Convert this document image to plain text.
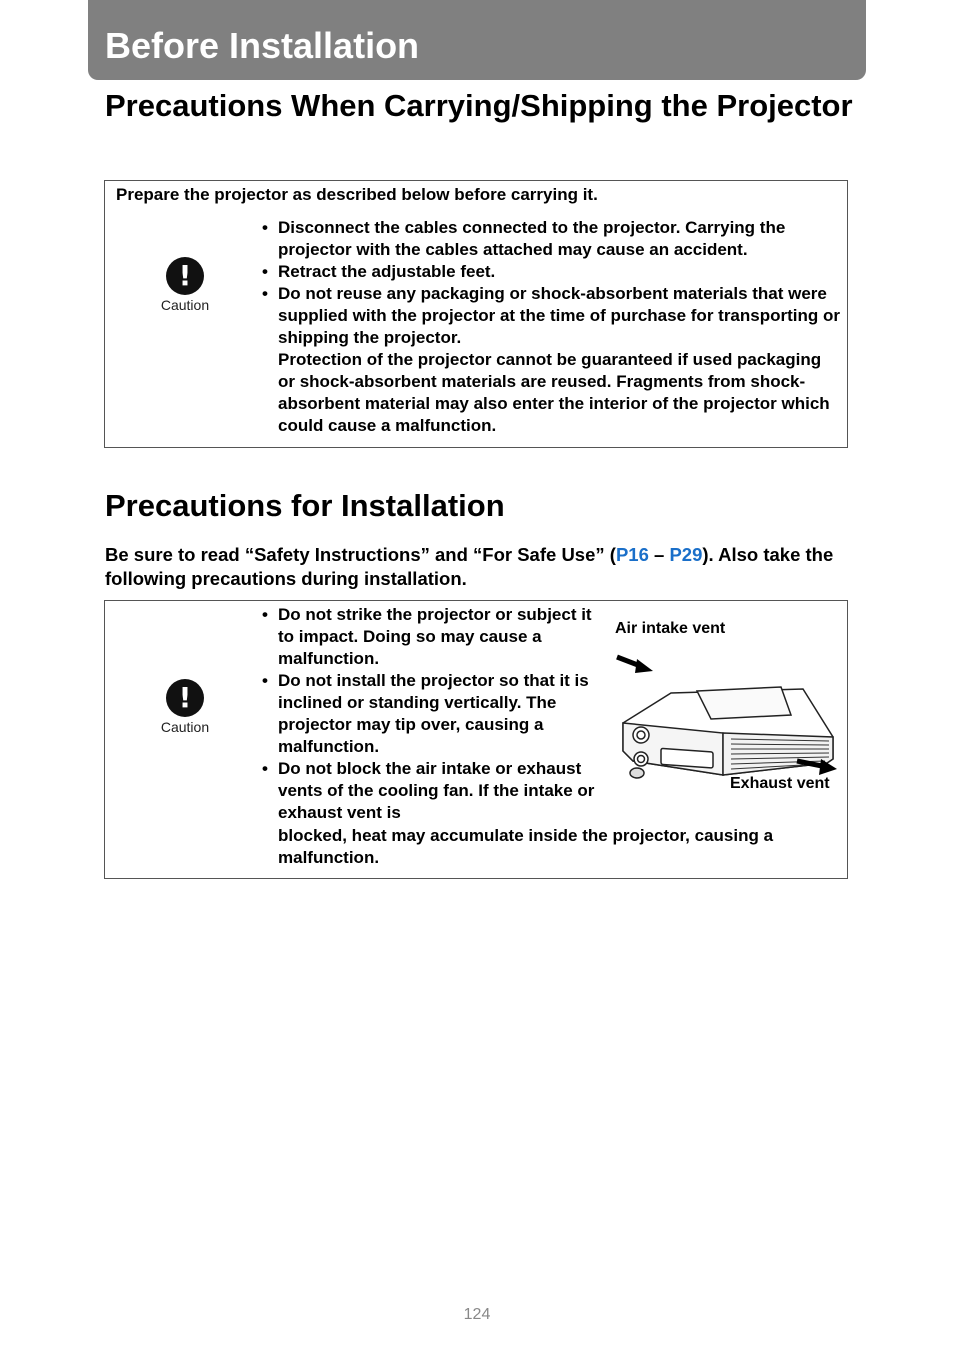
Before Installation
Precautions When Carrying/Shipping the Projector

Prepare the projector as described below before carrying it.

!
Caution
• Disconnect the cables connected to the projector. Carrying the projector with the cables attached may cause an accident.
• Retract the adjustable feet.
• Do not reuse any packaging or shock-absorbent materials that were supplied with the projector at the time of purchase for transporting or shipping the projector.
Protection of the projector cannot be guaranteed if used packaging or shock-absorbent materials are reused. Fragments from shock-absorbent material may also enter the interior of the projector which could cause a malfunction.
Precautions for Installation

Be sure to read “Safety Instructions” and “For Safe Use” (P16 – P29). Also take the following precautions during installation.

!
Caution
• Do not strike the projector or subject it to impact. Doing so may cause a malfunction.
• Do not install the projector so that it is inclined or standing vertically. The projector may tip over, causing a malfunction.
• Do not block the air intake or exhaust vents of the cooling fan. If the intake or exhaust vent is
blocked, heat may accumulate inside the projector, causing a malfunction.

Air intake vent

Exhaust vent

124
